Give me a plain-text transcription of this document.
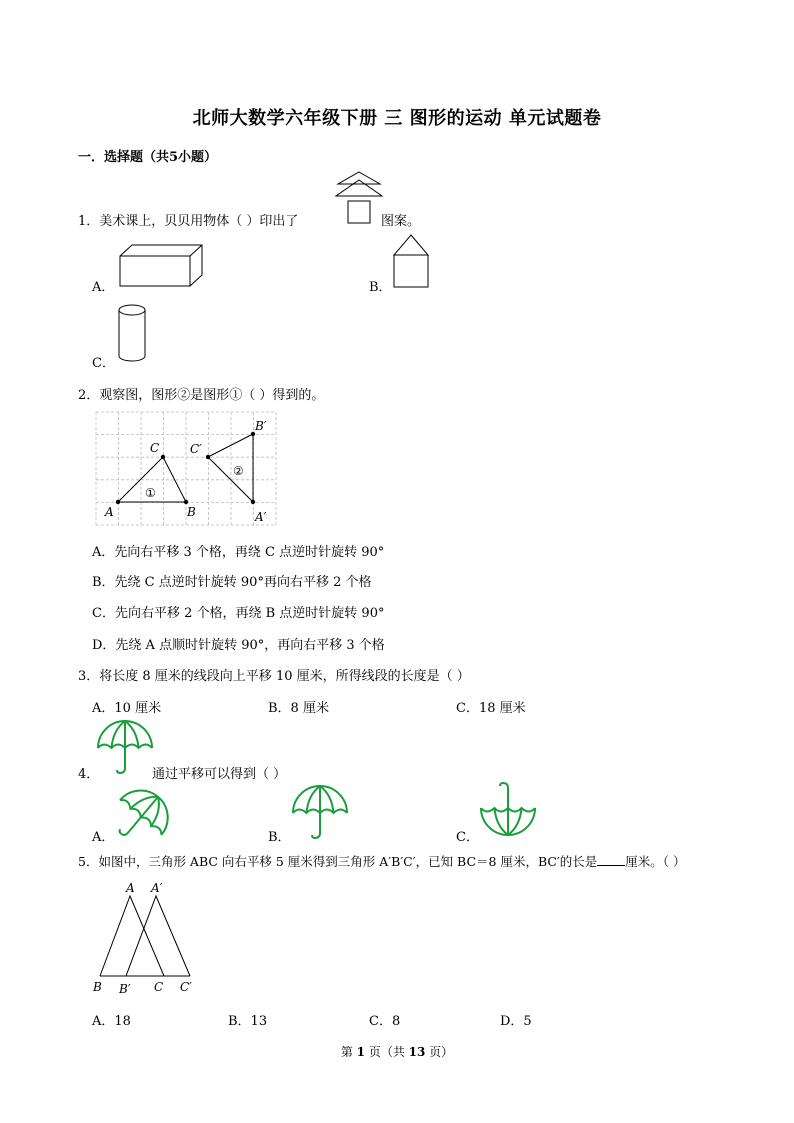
北师大数学六年级下册 三 图形的运动 单元试题卷
一．选择题（共5小题）
1．美术课上，贝贝用物体（ ）印出了	图案。
A．	B．
C．
2．观察图，图形②是图形①（ ）得到的。
A	B
C
A′
B′
C′
①
②
A．先向右平移 3 个格，再绕 C 点逆时针旋转 90°
B．先绕 C 点逆时针旋转 90°再向右平移 2 个格
C．先向右平移 2 个格，再绕 B 点逆时针旋转 90°
D．先绕 A 点顺时针旋转 90°，再向右平移 3 个格
3．将长度 8 厘米的线段向上平移 10 厘米，所得线段的长度是（ ）
A．10 厘米	B．8 厘米	C．18 厘米
4．	通过平移可以得到（ ）
A．	B．	C．
5．如图中，三角形 ABC 向右平移 5 厘米得到三角形 A′B′C′，已知 BC＝8 厘米，BC′的长是 厘米。（ ）
A A′
B B′ C C′
A．18	B．13	C．8	D．5
第 1 页（共 13 页）
